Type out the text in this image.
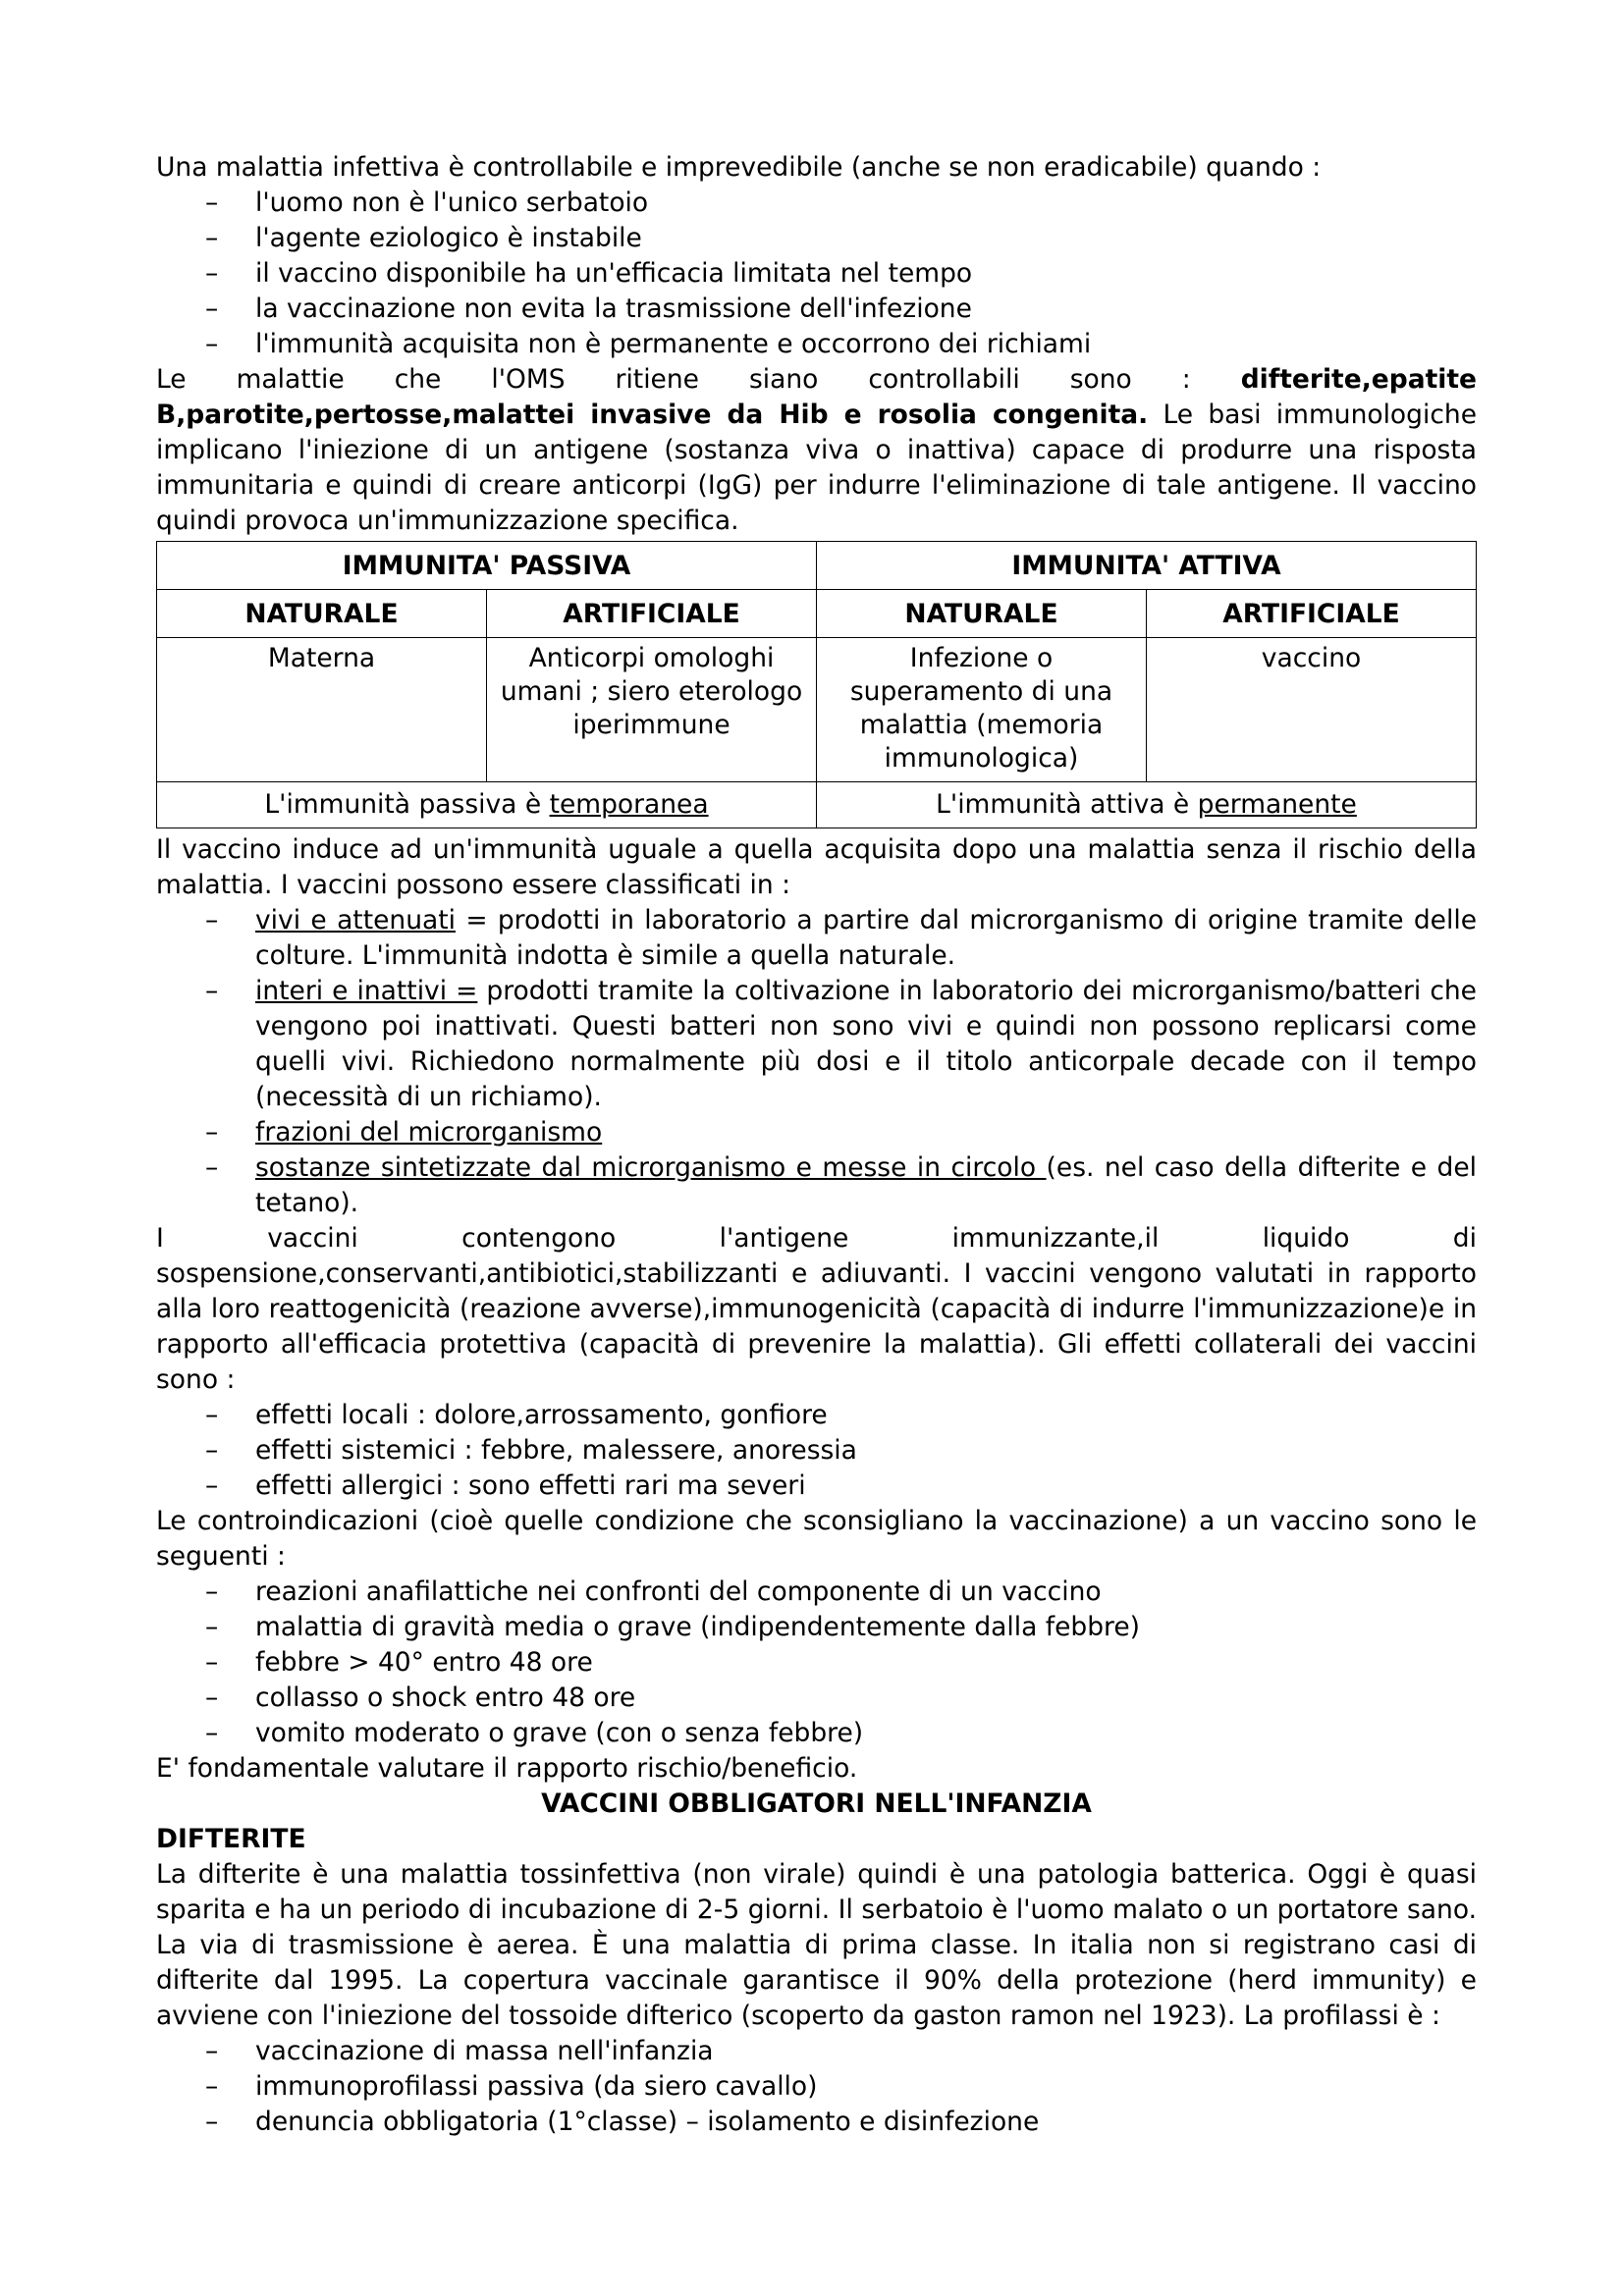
Una malattia infettiva è controllabile e imprevedibile (anche se non eradicabile) quando :

– l'uomo non è l'unico serbatoio
– l'agente eziologico è instabile
– il vaccino disponibile ha un'efficacia limitata nel tempo
– la vaccinazione non evita la trasmissione dell'infezione
– l'immunità acquisita non è permanente e occorrono dei richiami

Le malattie che l'OMS ritiene siano controllabili sono : difterite,epatite B,parotite,pertosse,malattei invasive da Hib e rosolia congenita. Le basi immunologiche implicano l'iniezione di un antigene (sostanza viva o inattiva) capace di produrre una risposta immunitaria e quindi di creare anticorpi (IgG) per indurre l'eliminazione di tale antigene. Il vaccino quindi provoca un'immunizzazione specifica.

IMMUNITA' PASSIVA		IMMUNITA' ATTIVA	
NATURALE	ARTIFICIALE	NATURALE	ARTIFICIALE
Materna	Anticorpi omologhi umani ; siero eterologo iperimmune	Infezione o superamento di una malattia (memoria immunologica)	vaccino
L'immunità passiva è temporanea		L'immunità attiva è permanente	

Il vaccino induce ad un'immunità uguale a quella acquisita dopo una malattia senza il rischio della malattia. I vaccini possono essere classificati in :

– vivi e attenuati = prodotti in laboratorio a partire dal microrganismo di origine tramite delle colture. L'immunità indotta è simile a quella naturale.
– interi e inattivi = prodotti tramite la coltivazione in laboratorio dei microrganismo/batteri che vengono poi inattivati. Questi batteri non sono vivi e quindi non possono replicarsi come quelli vivi. Richiedono normalmente più dosi e il titolo anticorpale decade con il tempo (necessità di un richiamo).
– frazioni del microrganismo
– sostanze sintetizzate dal microrganismo e messe in circolo (es. nel caso della difterite e del tetano).

I vaccini contengono l'antigene immunizzante,il liquido di sospensione,conservanti,antibiotici,stabilizzanti e adiuvanti. I vaccini vengono valutati in rapporto alla loro reattogenicità (reazione avverse),immunogenicità (capacità di indurre l'immunizzazione)e in rapporto all'efficacia protettiva (capacità di prevenire la malattia). Gli effetti collaterali dei vaccini sono :

– effetti locali : dolore,arrossamento, gonfiore
– effetti sistemici : febbre, malessere, anoressia
– effetti allergici : sono effetti rari ma severi

Le controindicazioni (cioè quelle condizione che sconsigliano la vaccinazione) a un vaccino sono le seguenti :

– reazioni anafilattiche nei confronti del componente di un vaccino
– malattia di gravità media o grave (indipendentemente dalla febbre)
– febbre > 40° entro 48 ore
– collasso o shock entro 48 ore
– vomito moderato o grave (con o senza febbre)

E' fondamentale valutare il rapporto rischio/beneficio.

VACCINI OBBLIGATORI NELL'INFANZIA

DIFTERITE

La difterite è una malattia tossinfettiva (non virale) quindi è una patologia batterica. Oggi è quasi sparita e ha un periodo di incubazione di 2-5 giorni. Il serbatoio è l'uomo malato o un portatore sano. La via di trasmissione è aerea. È una malattia di prima classe. In italia non si registrano casi di difterite dal 1995. La copertura vaccinale garantisce il 90% della protezione (herd immunity) e avviene con l'iniezione del tossoide difterico (scoperto da gaston ramon nel 1923). La profilassi è :

– vaccinazione di massa nell'infanzia
– immunoprofilassi passiva (da siero cavallo)
– denuncia obbligatoria (1°classe) – isolamento e disinfezione
